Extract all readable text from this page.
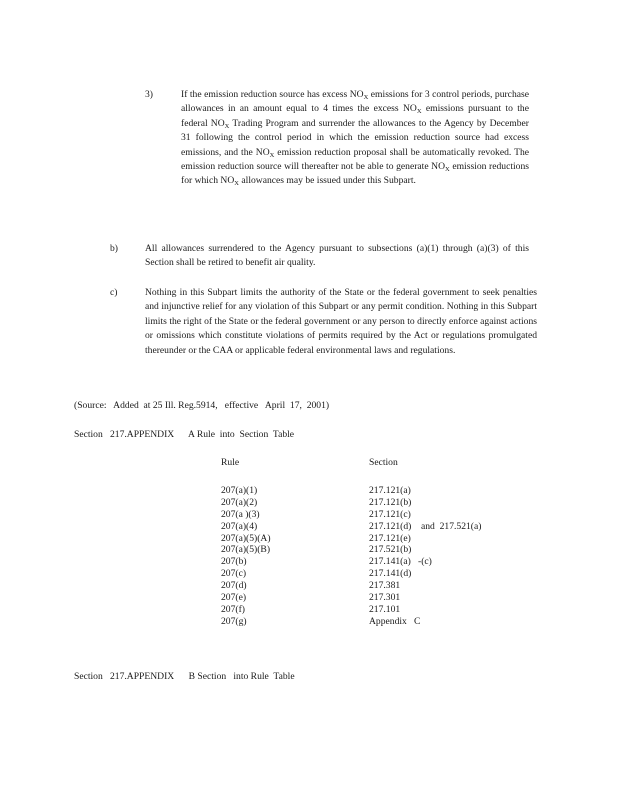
3)	If the emission reduction source has excess $NO_X$ emissions for 3 control periods, purchase allowances in an amount equal to 4 times the excess $NO_X$ emissions pursuant to the federal $NO_X$ Trading Program and surrender the allowances to the Agency by December 31 following the control period in which the emission reduction source had excess emissions, and the $NO_X$ emission reduction proposal shall be automatically revoked. The emission reduction source will thereafter not be able to generate $NO_X$ emission reductions for which $NO_X$ allowances may be issued under this Subpart.
b)	All allowances surrendered to the Agency pursuant to subsections (a)(1) through (a)(3) of this Section shall be retired to benefit air quality.
c)	Nothing in this Subpart limits the authority of the State or the federal government to seek penalties and injunctive relief for any violation of this Subpart or any permit condition. Nothing in this Subpart limits the right of the State or the federal government or any person to directly enforce against actions or omissions which constitute violations of permits required by the Act or regulations promulgated thereunder or the CAA or applicable federal environmental laws and regulations.
(Source:   Added  at 25 Ill. Reg.5914,   effective   April  17,  2001)
Section   217.APPENDIX      A Rule  into  Section  Table
Rule	Section
207(a)(1)	217.121(a)
207(a)(2)	217.121(b)
207(a )(3)	217.121(c)
207(a)(4)	217.121(d)    and  217.521(a)
207(a)(5)(A)	217.121(e)
207(a)(5)(B)	217.521(b)
207(b)	217.141(a)   -(c)
207(c)	217.141(d)
207(d)	217.381
207(e)	217.301
207(f)	217.101
207(g)	Appendix   C
Section   217.APPENDIX      B Section   into Rule  Table
